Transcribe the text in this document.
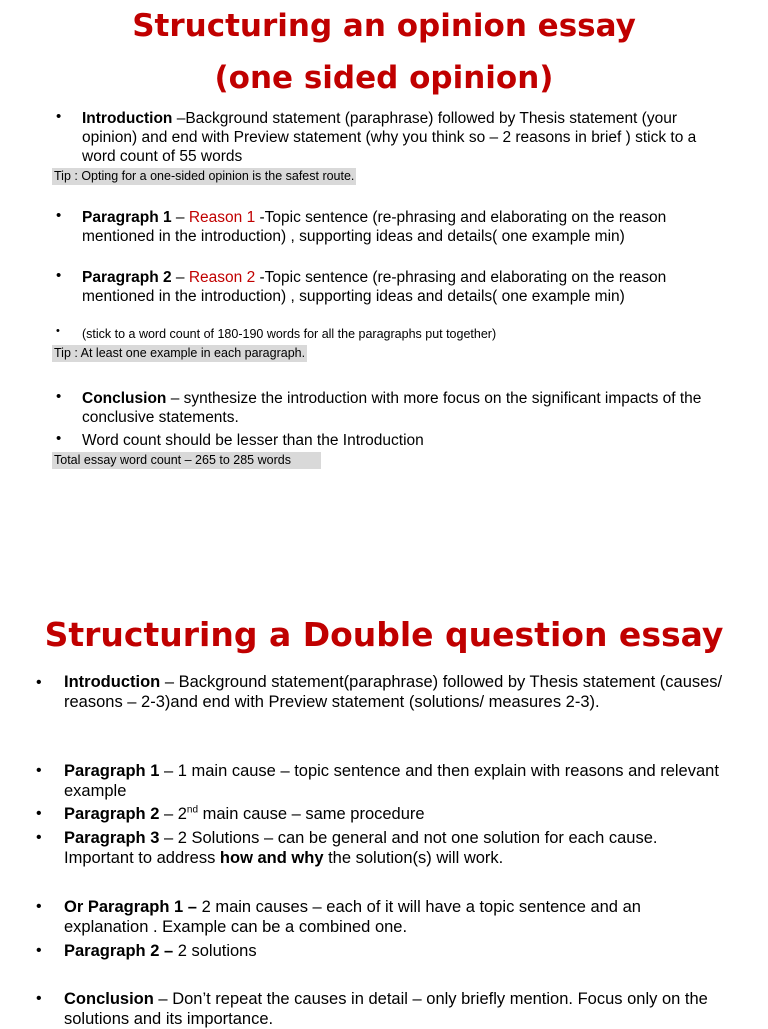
Structuring an opinion essay
(one sided opinion)
• Introduction –Background statement (paraphrase) followed by Thesis statement (your opinion) and end with Preview statement (why you think so – 2 reasons in brief ) stick to a word count of 55 words
Tip : Opting for a one-sided opinion is the safest route.
• Paragraph 1 – Reason 1 -Topic sentence (re-phrasing and elaborating on the reason mentioned in the introduction) , supporting ideas and details( one example min)
• Paragraph 2 – Reason 2 -Topic sentence (re-phrasing and elaborating on the reason mentioned in the introduction) , supporting ideas and details( one example min)
• (stick to a word count of 180-190 words for all the paragraphs put together)
Tip : At least one example in each paragraph.
• Conclusion – synthesize the introduction with more focus on the significant impacts of the conclusive statements.
• Word count should be lesser than the Introduction
Total essay word count – 265 to 285 words
Structuring a Double question essay
• Introduction – Background statement(paraphrase) followed by Thesis statement (causes/ reasons – 2-3)and end with Preview statement (solutions/ measures 2-3).
• Paragraph 1 – 1 main cause – topic sentence and then explain with reasons and relevant example
• Paragraph 2 – 2nd main cause – same procedure
• Paragraph 3 – 2 Solutions – can be general and not one solution for each cause. Important to address how and why the solution(s) will work.
• Or Paragraph 1 – 2 main causes – each of it will have a topic sentence and an explanation . Example can be a combined one.
• Paragraph 2 – 2 solutions
• Conclusion – Don’t repeat the causes in detail – only briefly mention. Focus only on the solutions and its importance.
